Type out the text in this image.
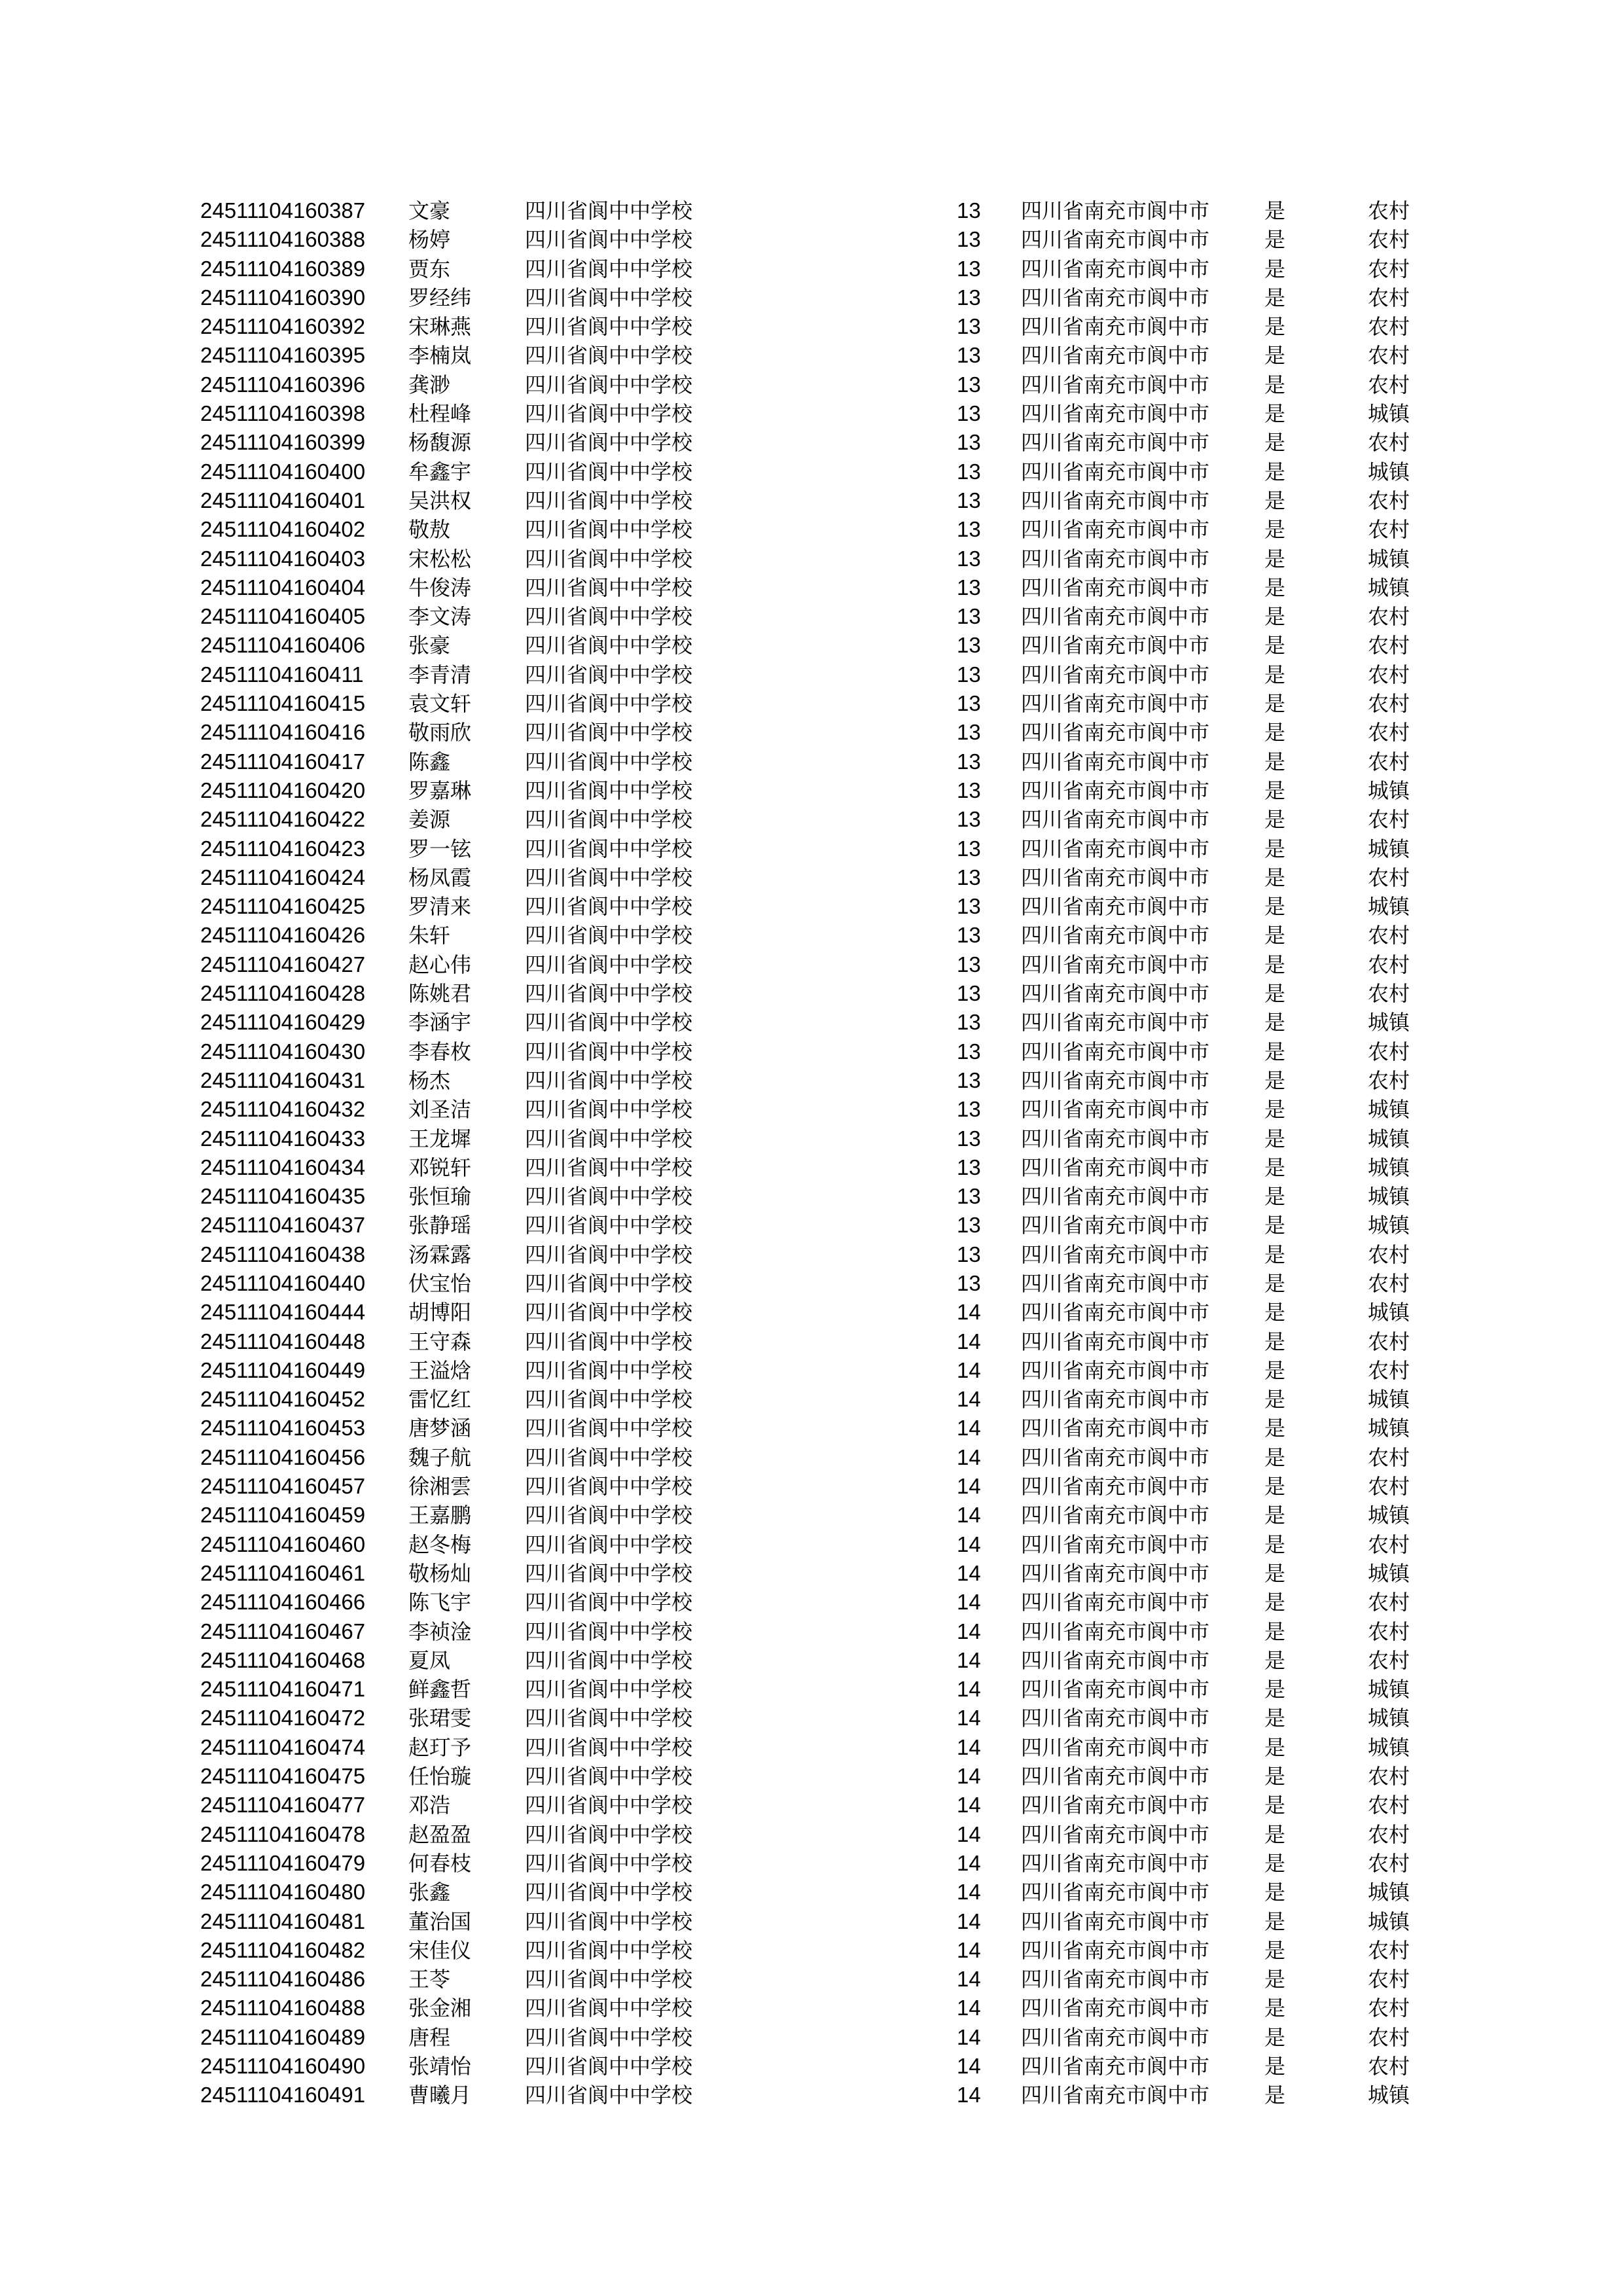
24511104160387 文豪	四川省阆中中学校	13 四川省南充市阆中市	是	农村
24511104160388 杨婷	四川省阆中中学校	13 四川省南充市阆中市	是	农村
24511104160389 贾东	四川省阆中中学校	13 四川省南充市阆中市	是	农村
24511104160390 罗经纬	四川省阆中中学校	13 四川省南充市阆中市	是	农村
24511104160392 宋琳燕	四川省阆中中学校	13 四川省南充市阆中市	是	农村
24511104160395 李楠岚	四川省阆中中学校	13 四川省南充市阆中市	是	农村
24511104160396 龚渺	四川省阆中中学校	13 四川省南充市阆中市	是	农村
24511104160398 杜程峰	四川省阆中中学校	13 四川省南充市阆中市	是	城镇
24511104160399 杨馥源	四川省阆中中学校	13 四川省南充市阆中市	是	农村
24511104160400 牟鑫宇	四川省阆中中学校	13 四川省南充市阆中市	是	城镇
24511104160401 吴洪权	四川省阆中中学校	13 四川省南充市阆中市	是	农村
24511104160402 敬敖	四川省阆中中学校	13 四川省南充市阆中市	是	农村
24511104160403 宋松松	四川省阆中中学校	13 四川省南充市阆中市	是	城镇
24511104160404 牛俊涛	四川省阆中中学校	13 四川省南充市阆中市	是	城镇
24511104160405 李文涛	四川省阆中中学校	13 四川省南充市阆中市	是	农村
24511104160406 张豪	四川省阆中中学校	13 四川省南充市阆中市	是	农村
24511104160411 李青清	四川省阆中中学校	13 四川省南充市阆中市	是	农村
24511104160415 袁文轩	四川省阆中中学校	13 四川省南充市阆中市	是	农村
24511104160416 敬雨欣	四川省阆中中学校	13 四川省南充市阆中市	是	农村
24511104160417 陈鑫	四川省阆中中学校	13 四川省南充市阆中市	是	农村
24511104160420 罗嘉琳	四川省阆中中学校	13 四川省南充市阆中市	是	城镇
24511104160422 姜源	四川省阆中中学校	13 四川省南充市阆中市	是	农村
24511104160423 罗一铉	四川省阆中中学校	13 四川省南充市阆中市	是	城镇
24511104160424 杨凤霞	四川省阆中中学校	13 四川省南充市阆中市	是	农村
24511104160425 罗清来	四川省阆中中学校	13 四川省南充市阆中市	是	城镇
24511104160426 朱轩	四川省阆中中学校	13 四川省南充市阆中市	是	农村
24511104160427 赵心伟	四川省阆中中学校	13 四川省南充市阆中市	是	农村
24511104160428 陈姚君	四川省阆中中学校	13 四川省南充市阆中市	是	农村
24511104160429 李涵宇	四川省阆中中学校	13 四川省南充市阆中市	是	城镇
24511104160430 李春枚	四川省阆中中学校	13 四川省南充市阆中市	是	农村
24511104160431 杨杰	四川省阆中中学校	13 四川省南充市阆中市	是	农村
24511104160432 刘圣洁	四川省阆中中学校	13 四川省南充市阆中市	是	城镇
24511104160433 王龙墀	四川省阆中中学校	13 四川省南充市阆中市	是	城镇
24511104160434 邓锐轩	四川省阆中中学校	13 四川省南充市阆中市	是	城镇
24511104160435 张恒瑜	四川省阆中中学校	13 四川省南充市阆中市	是	城镇
24511104160437 张静瑶	四川省阆中中学校	13 四川省南充市阆中市	是	城镇
24511104160438 汤霖露	四川省阆中中学校	13 四川省南充市阆中市	是	农村
24511104160440 伏宝怡	四川省阆中中学校	13 四川省南充市阆中市	是	农村
24511104160444 胡博阳	四川省阆中中学校	14 四川省南充市阆中市	是	城镇
24511104160448 王守森	四川省阆中中学校	14 四川省南充市阆中市	是	农村
24511104160449 王溢焓	四川省阆中中学校	14 四川省南充市阆中市	是	农村
24511104160452 雷忆红	四川省阆中中学校	14 四川省南充市阆中市	是	城镇
24511104160453 唐梦涵	四川省阆中中学校	14 四川省南充市阆中市	是	城镇
24511104160456 魏子航	四川省阆中中学校	14 四川省南充市阆中市	是	农村
24511104160457 徐湘雲	四川省阆中中学校	14 四川省南充市阆中市	是	农村
24511104160459 王嘉鹏	四川省阆中中学校	14 四川省南充市阆中市	是	城镇
24511104160460 赵冬梅	四川省阆中中学校	14 四川省南充市阆中市	是	农村
24511104160461 敬杨灿	四川省阆中中学校	14 四川省南充市阆中市	是	城镇
24511104160466 陈飞宇	四川省阆中中学校	14 四川省南充市阆中市	是	农村
24511104160467 李祯淦	四川省阆中中学校	14 四川省南充市阆中市	是	农村
24511104160468 夏凤	四川省阆中中学校	14 四川省南充市阆中市	是	农村
24511104160471 鲜鑫哲	四川省阆中中学校	14 四川省南充市阆中市	是	城镇
24511104160472 张珺雯	四川省阆中中学校	14 四川省南充市阆中市	是	城镇
24511104160474 赵玎予	四川省阆中中学校	14 四川省南充市阆中市	是	城镇
24511104160475 任怡璇	四川省阆中中学校	14 四川省南充市阆中市	是	农村
24511104160477 邓浩	四川省阆中中学校	14 四川省南充市阆中市	是	农村
24511104160478 赵盈盈	四川省阆中中学校	14 四川省南充市阆中市	是	农村
24511104160479 何春枝	四川省阆中中学校	14 四川省南充市阆中市	是	农村
24511104160480 张鑫	四川省阆中中学校	14 四川省南充市阆中市	是	城镇
24511104160481 董治国	四川省阆中中学校	14 四川省南充市阆中市	是	城镇
24511104160482 宋佳仪	四川省阆中中学校	14 四川省南充市阆中市	是	农村
24511104160486 王苓	四川省阆中中学校	14 四川省南充市阆中市	是	农村
24511104160488 张金湘	四川省阆中中学校	14 四川省南充市阆中市	是	农村
24511104160489 唐程	四川省阆中中学校	14 四川省南充市阆中市	是	农村
24511104160490 张靖怡	四川省阆中中学校	14 四川省南充市阆中市	是	农村
24511104160491 曹曦月	四川省阆中中学校	14 四川省南充市阆中市	是	城镇
